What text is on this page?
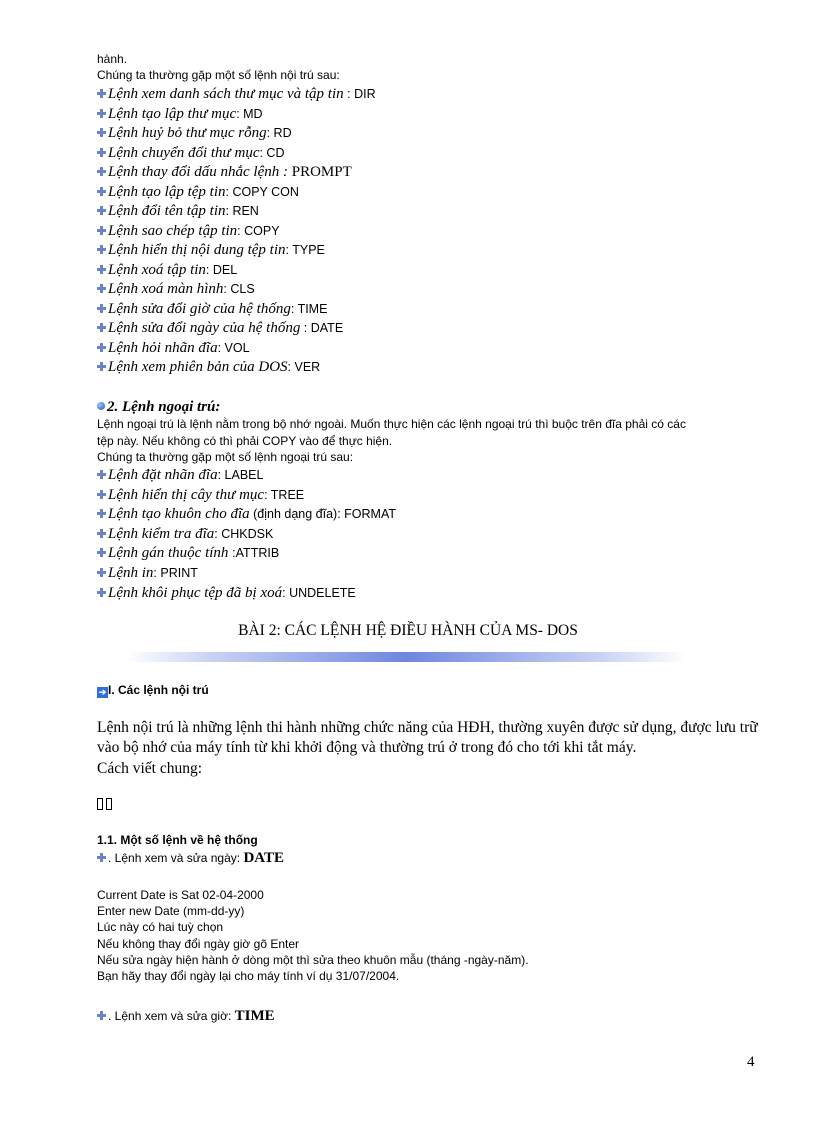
hành.
Chúng ta thường gặp một số lệnh nội trú sau:
Lệnh xem danh sách thư mục và tập tin : DIR
Lệnh tạo lập thư mục: MD
Lệnh huỷ bỏ thư mục rỗng: RD
Lệnh chuyển đổi thư mục: CD
Lệnh thay đổi dấu nhắc lệnh : PROMPT
Lệnh tạo lập tệp tin: COPY CON
Lệnh đổi tên tập tin: REN
Lệnh sao chép tập tin: COPY
Lệnh hiển thị nội dung tệp tin: TYPE
Lệnh xoá tập tin: DEL
Lệnh xoá màn hình: CLS
Lệnh sửa đổi giờ của hệ thống: TIME
Lệnh sửa đổi ngày của hệ thống : DATE
Lệnh hỏi nhãn đĩa: VOL
Lệnh xem phiên bản của DOS: VER
2. Lệnh ngoại trú:
Lệnh ngoại trú là lệnh nằm trong bộ nhớ ngoài. Muốn thực hiện các lệnh ngoại trú thì buộc trên đĩa phải có các
tệp này. Nếu không có thì phải COPY vào để thực hiện.
Chúng ta thường gặp một số lệnh ngoại trú sau:
Lệnh đặt nhãn đĩa: LABEL
Lệnh hiển thị cây thư mục: TREE
Lệnh tạo khuôn cho đĩa (định dạng đĩa): FORMAT
Lệnh kiểm tra đĩa: CHKDSK
Lệnh gán thuộc tính :ATTRIB
Lệnh in: PRINT
Lệnh khôi phục tệp đã bị xoá: UNDELETE
BÀI 2: CÁC LỆNH HỆ ĐIỀU HÀNH CỦA MS- DOS
➔ I. Các lệnh nội trú
Lệnh nội trú là những lệnh thi hành những chức năng của HĐH, thường xuyên được sử dụng, được lưu trữ vào bộ nhớ của máy tính từ khi khởi động và thường trú ở trong đó cho tới khi tắt máy.
Cách viết chung:
1.1. Một số lệnh về hệ thống
. Lệnh xem và sửa ngày: DATE
Current Date is Sat 02-04-2000
Enter new Date (mm-dd-yy)
Lúc này có hai tuỳ chọn
Nếu không thay đổi ngày giờ gõ Enter
Nếu sửa ngày hiện hành ở dòng một thì sửa theo khuôn mẫu (tháng -ngày-năm).
Bạn hãy thay đổi ngày lại cho máy tính ví dụ 31/07/2004.
. Lệnh xem và sửa giờ: TIME
4
